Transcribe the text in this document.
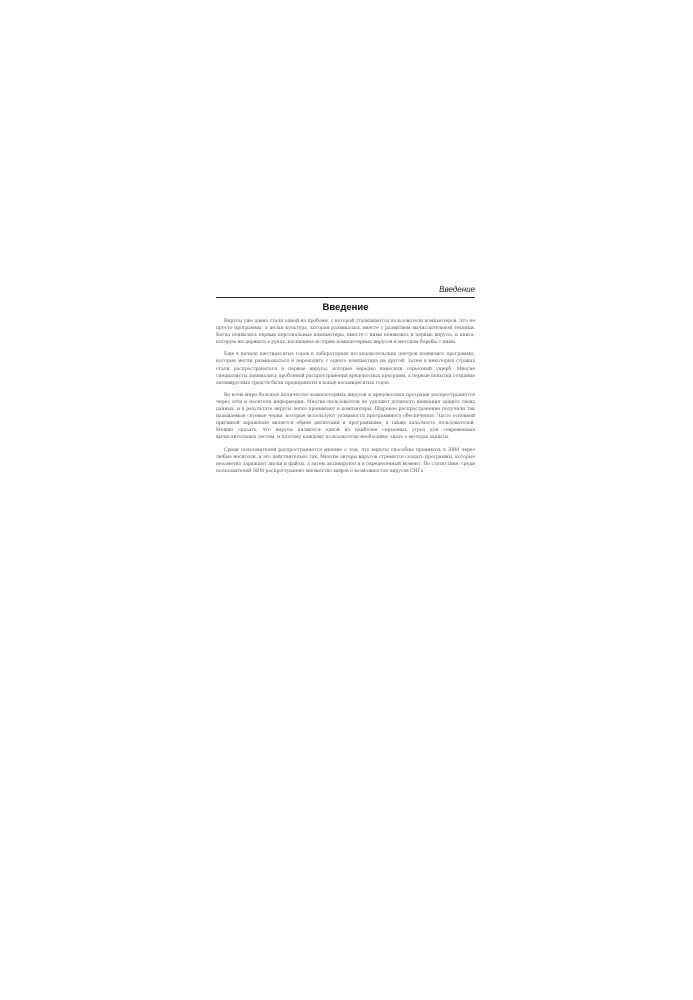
Введение
Введение

Вирусы уже давно стали одной из проблем, с которой сталкиваются пользователи компьютеров. Это не просто программы, а целая культура, которая развивалась вместе с развитием вычислительной техники. Когда появились первые персональные компьютеры, вместе с ними появились и первые вирусы, и книга, которую вы держите в руках, посвящена истории компьютерных вирусов и методам борьбы с ними.

Еще в начале шестидесятых годов в лабораториях исследовательских центров появились программы, которые могли размножаться и переходить с одного компьютера на другой. Затем в некоторых странах стали распространяться и первые вирусы, которые нередко наносили серьезный ущерб. Многие специалисты занимались проблемой распространения вредоносных программ, а первые попытки создания антивирусных средств были предприняты в конце восьмидесятых годов.

Во всем мире большое количество компьютерных вирусов и вредоносных программ распространяется через сети и носители информации. Многие пользователи не уделяют должного внимания защите своих данных, и в результате вирусы легко проникают в компьютеры. Широкое распространение получили так называемые сетевые черви, которые используют уязвимости программного обеспечения. Часто основной причиной заражения является обмен дискетами и программами, а также халатность пользователей. Можно сказать, что вирусы являются одной из наиболее серьезных угроз для современных вычислительных систем, и поэтому каждому пользователю необходимо знать о методах защиты.

Среди пользователей распространяется мнение о том, что вирусы способны проникать в ЭВМ через любые носители, и это действительно так. Многие авторы вирусов стремятся создать программы, которые незаметно заражают диски и файлы, а затем активируются в определенный момент. По статистике, среди пользователей ЭВМ распространено множество мифов о возможностях вирусов СНГа
